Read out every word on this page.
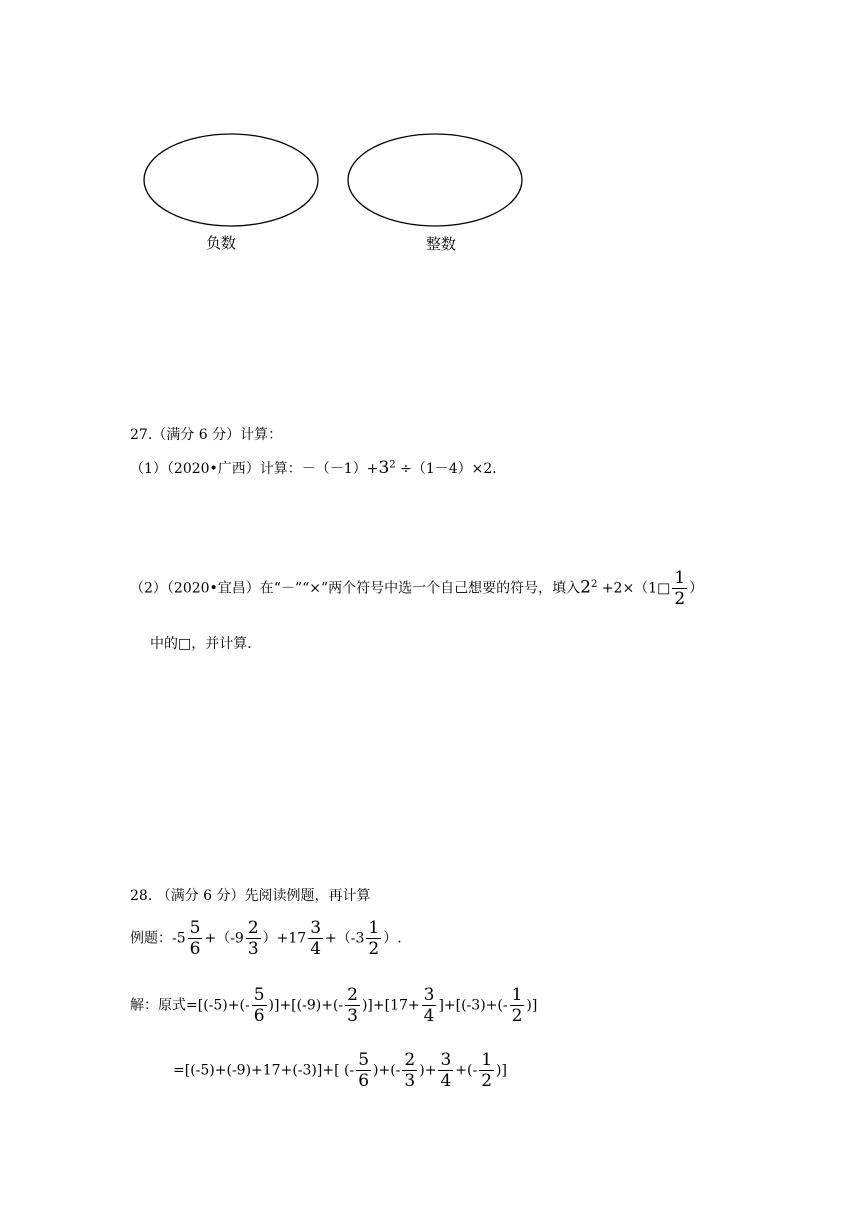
负数	整数
27.（满分 6 分）计算：
（1）（2020•广西）计算：$-(-1)+3^2 \div(1-4)\times 2$．
（2）（2020•宜昌）在“－”“×”两个符号中选一个自己想要的符号，填入$2^2$ +2×（1□ $\frac{1}{2}$ ）
中的□，并计算．
28. （满分 6 分）先阅读例题，再计算
例题：$-5 \frac{5}{6} +(-9 \frac{2}{3} )+17 \frac{3}{4} +(-3 \frac{1}{2}$ ）.
解：原式$=[(-5)+(- \frac{5}{6} )]+[(-9)+(- \frac{2}{3} )]+[17+ \frac{3}{4} ]+[(-3)+(- \frac{1}{2}$ )]
=[(-5)+(-9)+17+(-3)]+[ (- $\frac{5}{6}$ )+(- $\frac{2}{3}$ )+ $\frac{3}{4}$ +(- $\frac{1}{2}$ )]
